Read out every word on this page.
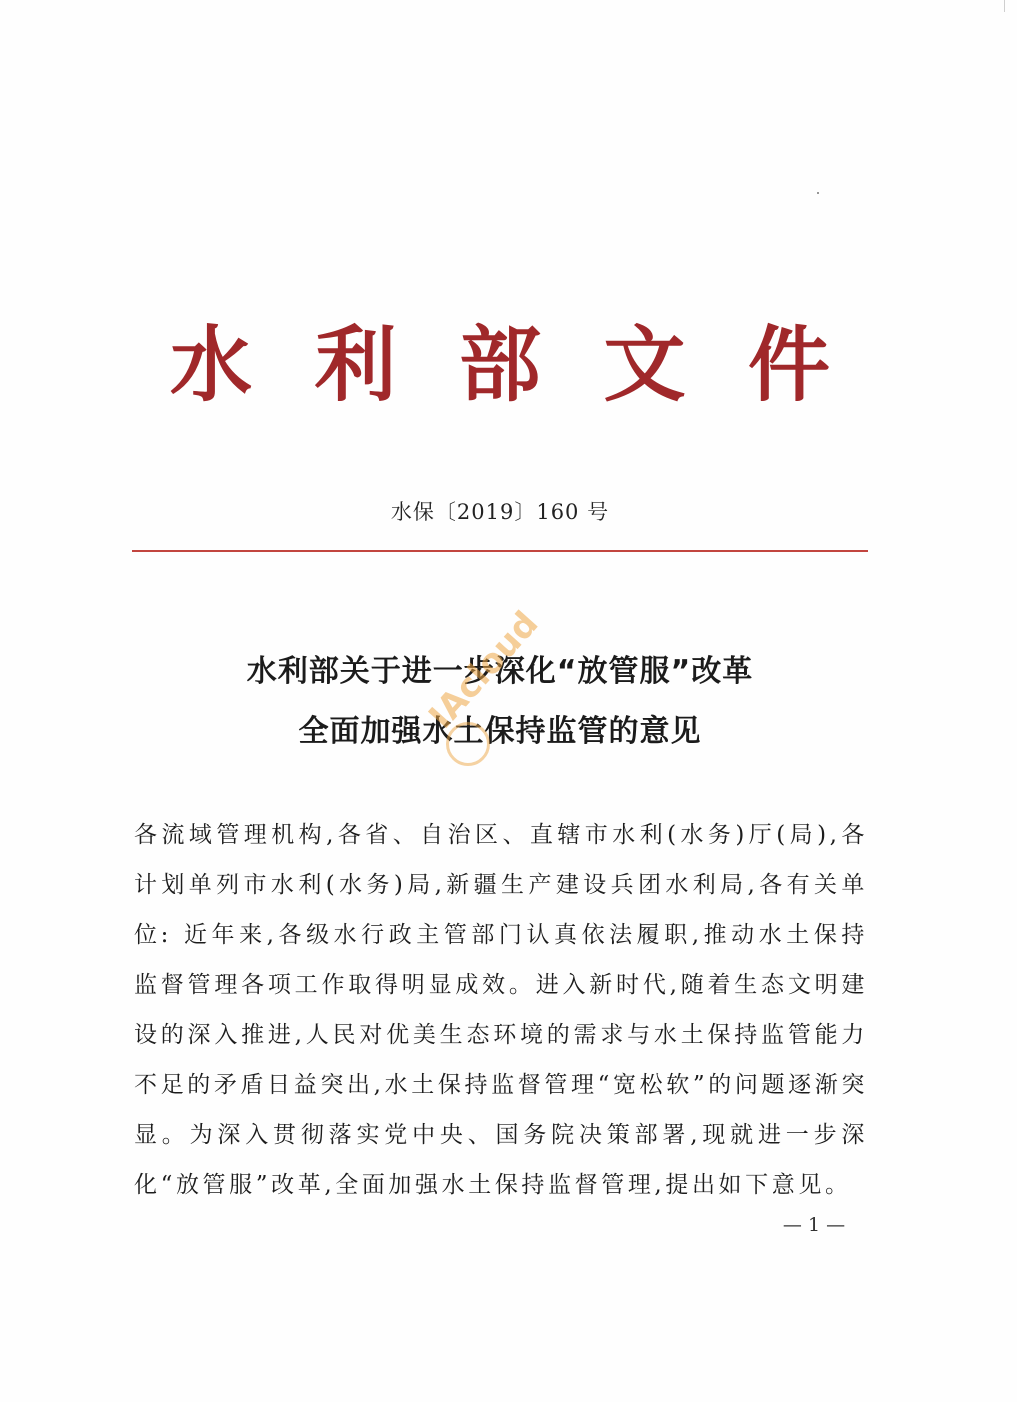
水 利 部 文 件
水保〔2019〕160 号
水利部关于进一步深化“放管服”改革
全面加强水土保持监管的意见
IAcloud
各流域管理机构,各省、自治区、直辖市水利(水务)厅(局),各计划单列市水利(水务)局,新疆生产建设兵团水利局,各有关单位: 近年来,各级水行政主管部门认真依法履职,推动水土保持监督管理各项工作取得明显成效。进入新时代,随着生态文明建设的深入推进,人民对优美生态环境的需求与水土保持监管能力不足的矛盾日益突出,水土保持监督管理“宽松软”的问题逐渐突显。为深入贯彻落实党中央、国务院决策部署,现就进一步深化“放管服”改革,全面加强水土保持监督管理,提出如下意见。
— 1 —
